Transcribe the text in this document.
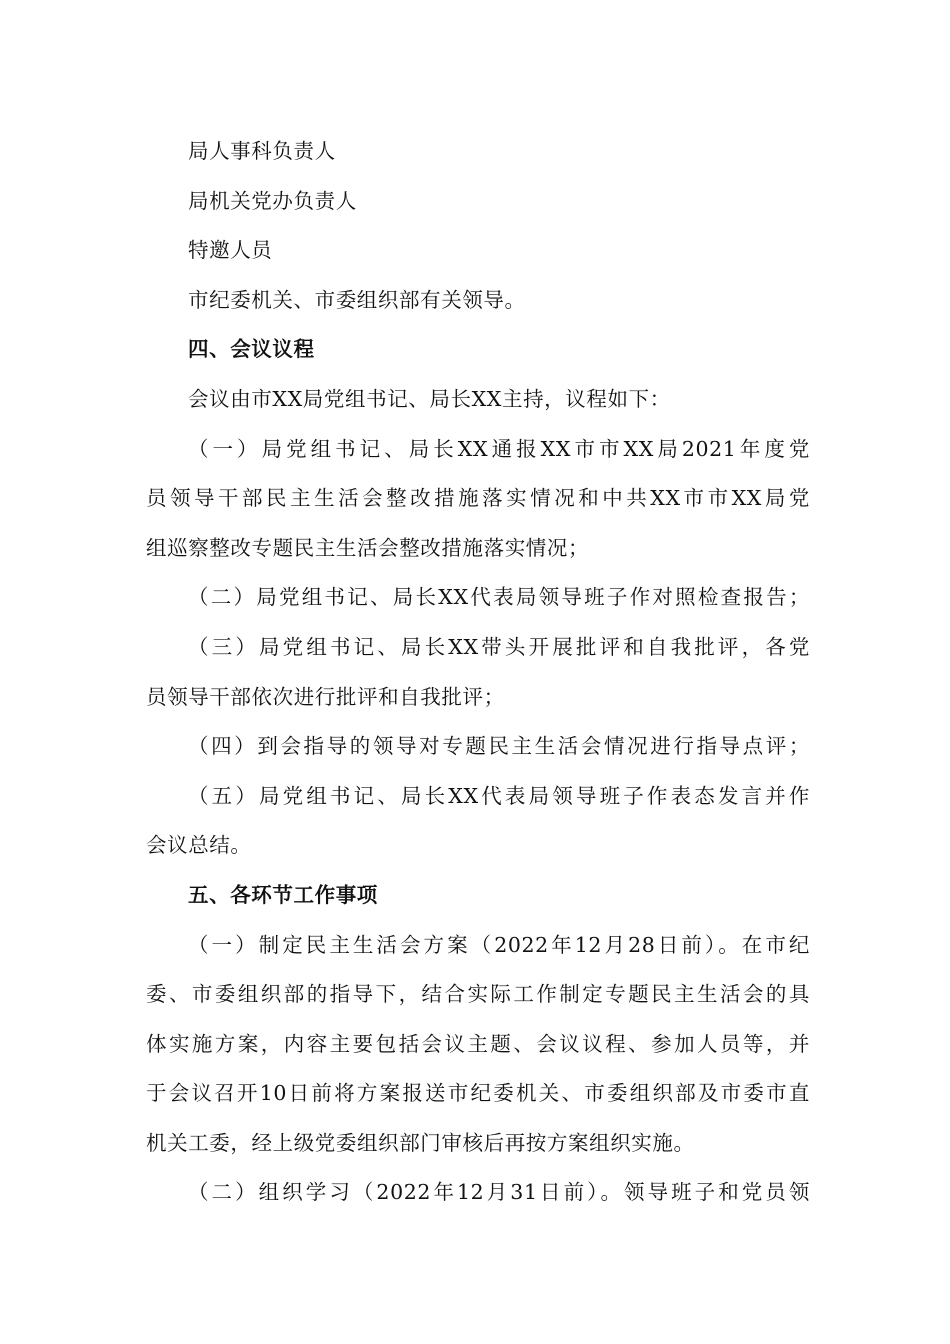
局人事科负责人
局机关党办负责人
特邀人员
市纪委机关、市委组织部有关领导。
四、会议议程
会议由市XX局党组书记、局长XX主持，议程如下：
（一）局党组书记、局长XX通报XX市市XX局2021年度党
员领导干部民主生活会整改措施落实情况和中共XX市市XX局党
组巡察整改专题民主生活会整改措施落实情况；
（二）局党组书记、局长XX代表局领导班子作对照检查报告；
（三）局党组书记、局长XX带头开展批评和自我批评，各党
员领导干部依次进行批评和自我批评；
（四）到会指导的领导对专题民主生活会情况进行指导点评；
（五）局党组书记、局长XX代表局领导班子作表态发言并作
会议总结。
五、各环节工作事项
（一）制定民主生活会方案（2022年12月28日前）。在市纪
委、市委组织部的指导下，结合实际工作制定专题民主生活会的具
体实施方案，内容主要包括会议主题、会议议程、参加人员等，并
于会议召开10日前将方案报送市纪委机关、市委组织部及市委市直
机关工委，经上级党委组织部门审核后再按方案组织实施。
（二）组织学习（2022年12月31日前）。领导班子和党员领
